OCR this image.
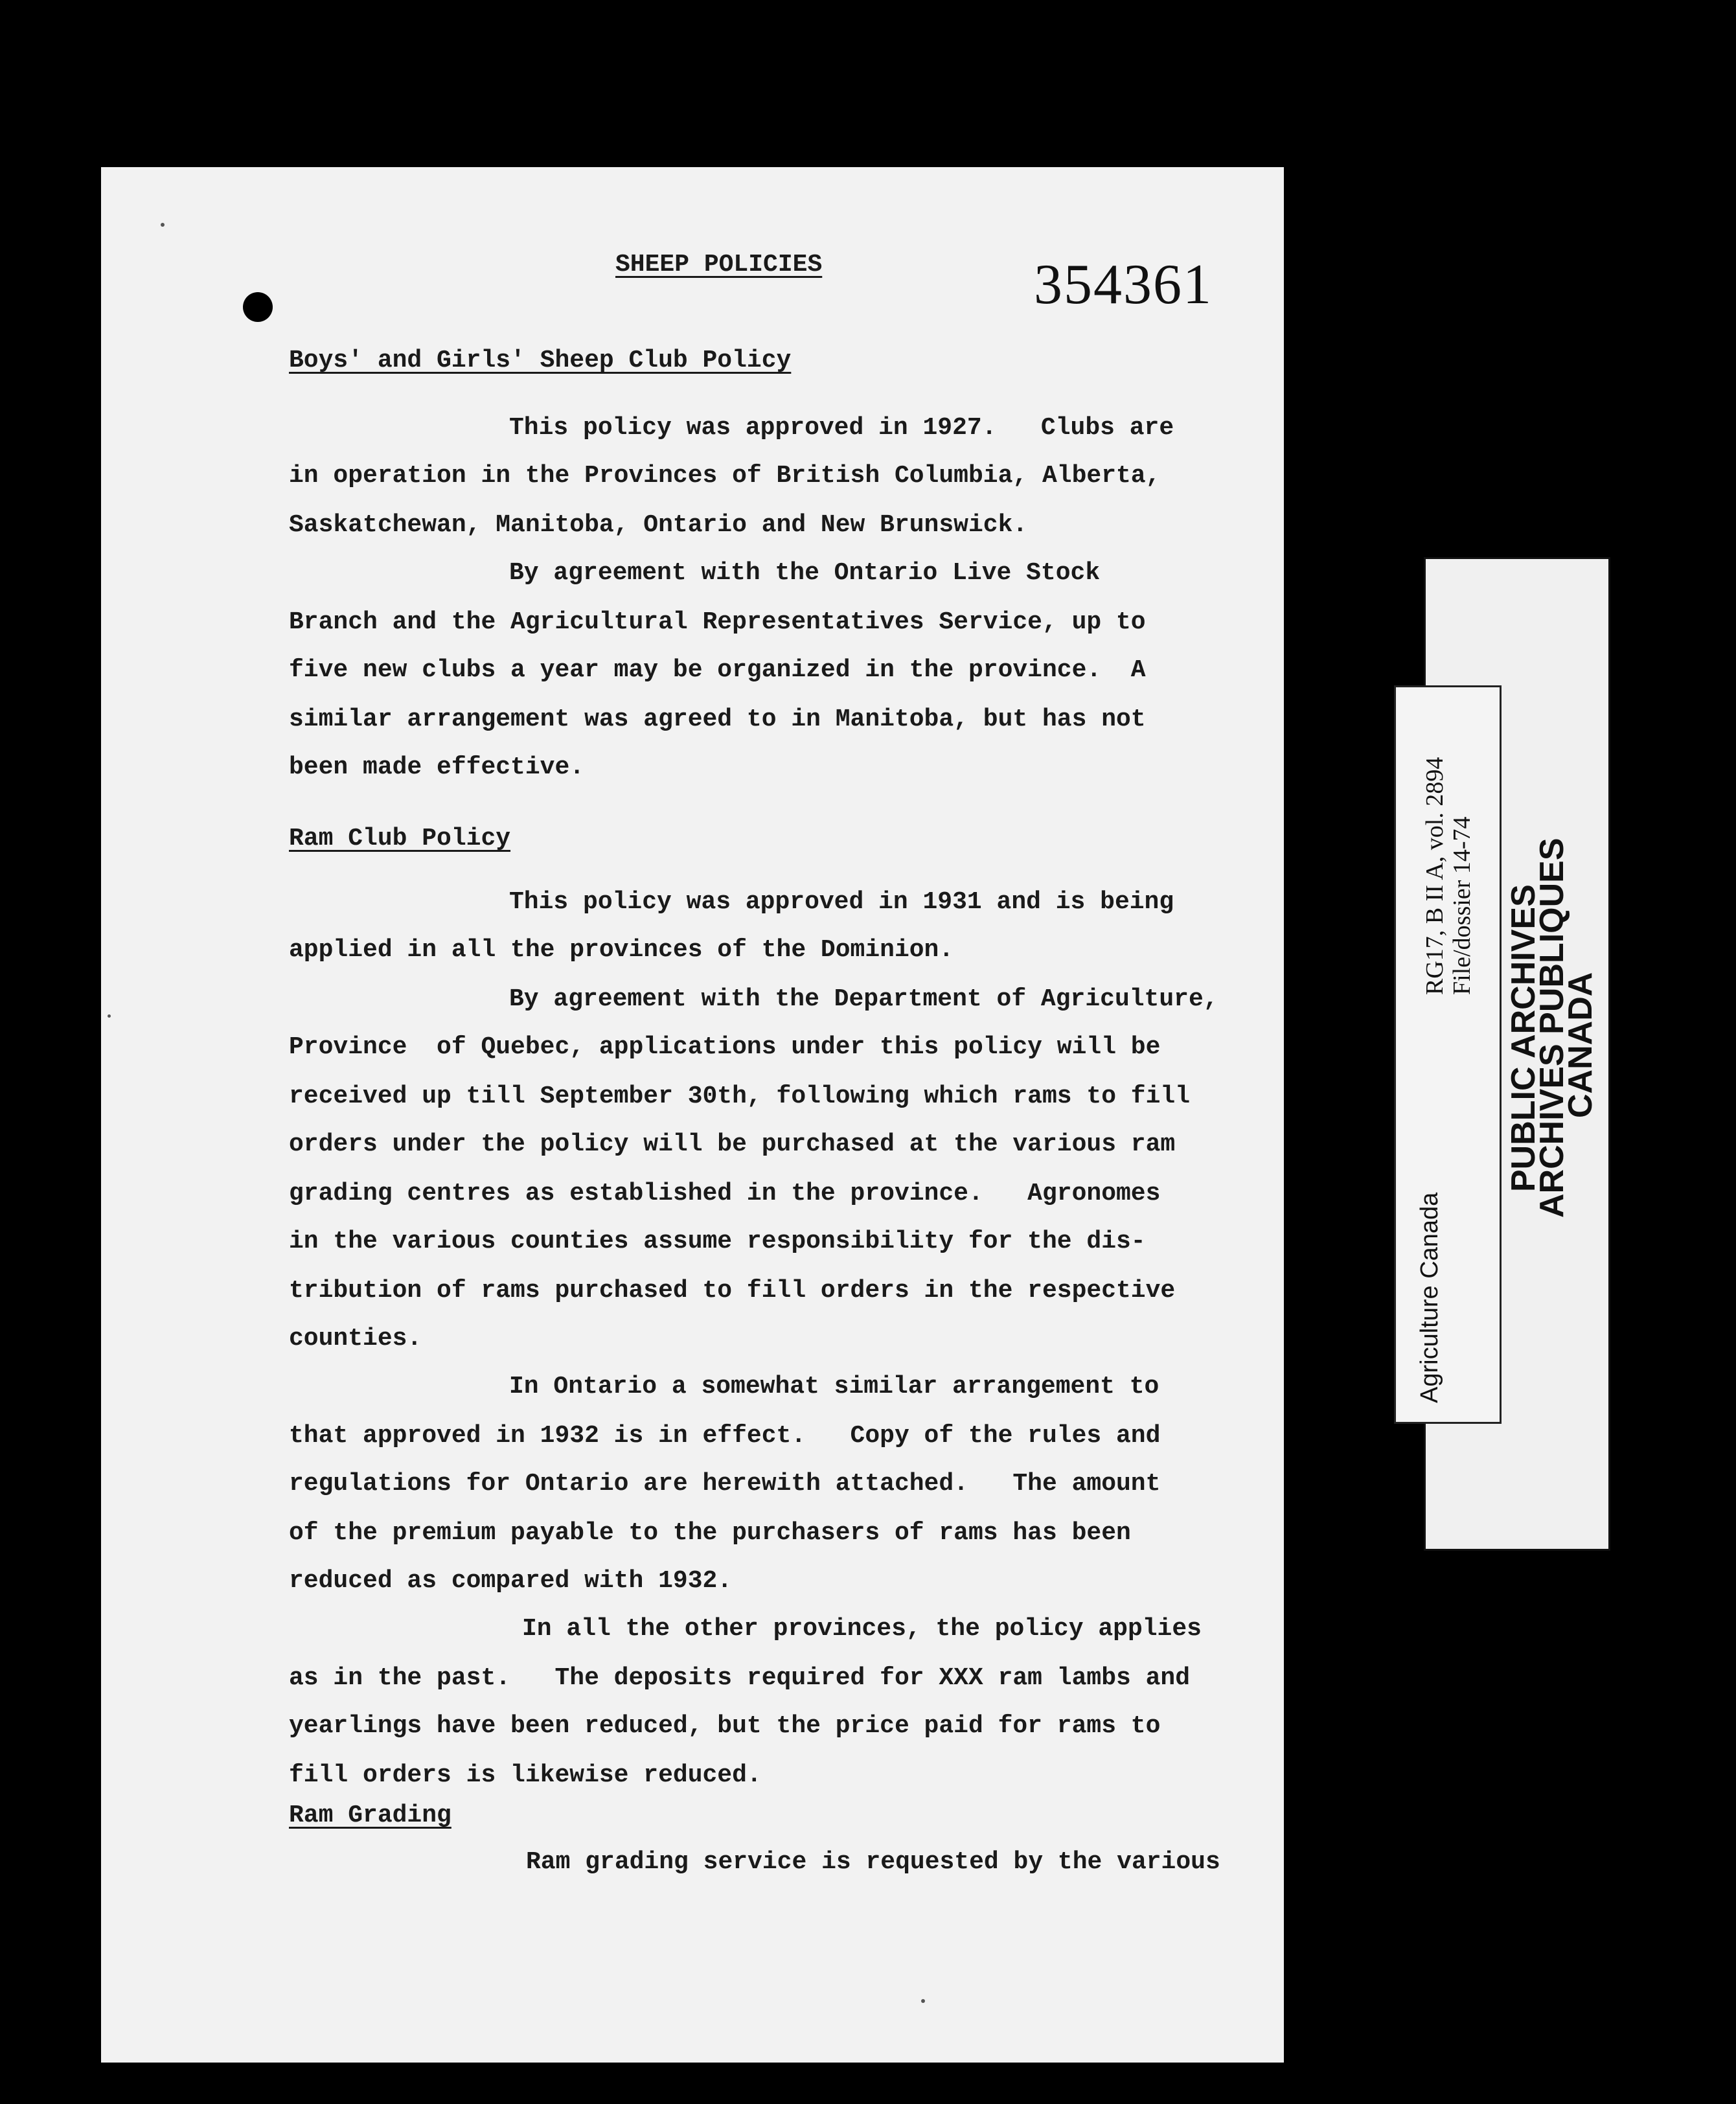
SHEEP POLICIES	354361
Boys' and Girls' Sheep Club Policy
This policy was approved in 1927.   Clubs are
in operation in the Provinces of British Columbia, Alberta,
Saskatchewan, Manitoba, Ontario and New Brunswick.
By agreement with the Ontario Live Stock
Branch and the Agricultural Representatives Service, up to
five new clubs a year may be organized in the province.  A
similar arrangement was agreed to in Manitoba, but has not
been made effective.
Ram Club Policy
This policy was approved in 1931 and is being
applied in all the provinces of the Dominion.
By agreement with the Department of Agriculture,
Province  of Quebec, applications under this policy will be
received up till September 30th, following which rams to fill
orders under the policy will be purchased at the various ram
grading centres as established in the province.   Agronomes
in the various counties assume responsibility for the dis-
tribution of rams purchased to fill orders in the respective
counties.
In Ontario a somewhat similar arrangement to
that approved in 1932 is in effect.   Copy of the rules and
regulations for Ontario are herewith attached.   The amount
of the premium payable to the purchasers of rams has been
reduced as compared with 1932.
In all the other provinces, the policy applies
as in the past.   The deposits required for XXX ram lambs and
yearlings have been reduced, but the price paid for rams to
fill orders is likewise reduced.
Ram Grading
Ram grading service is requested by the various
Agriculture Canada
RG17, B II A, vol. 2894 File/dossier 14-74 PUBLIC ARCHIVES
ARCHIVES PUBLIQUES
CANADA
